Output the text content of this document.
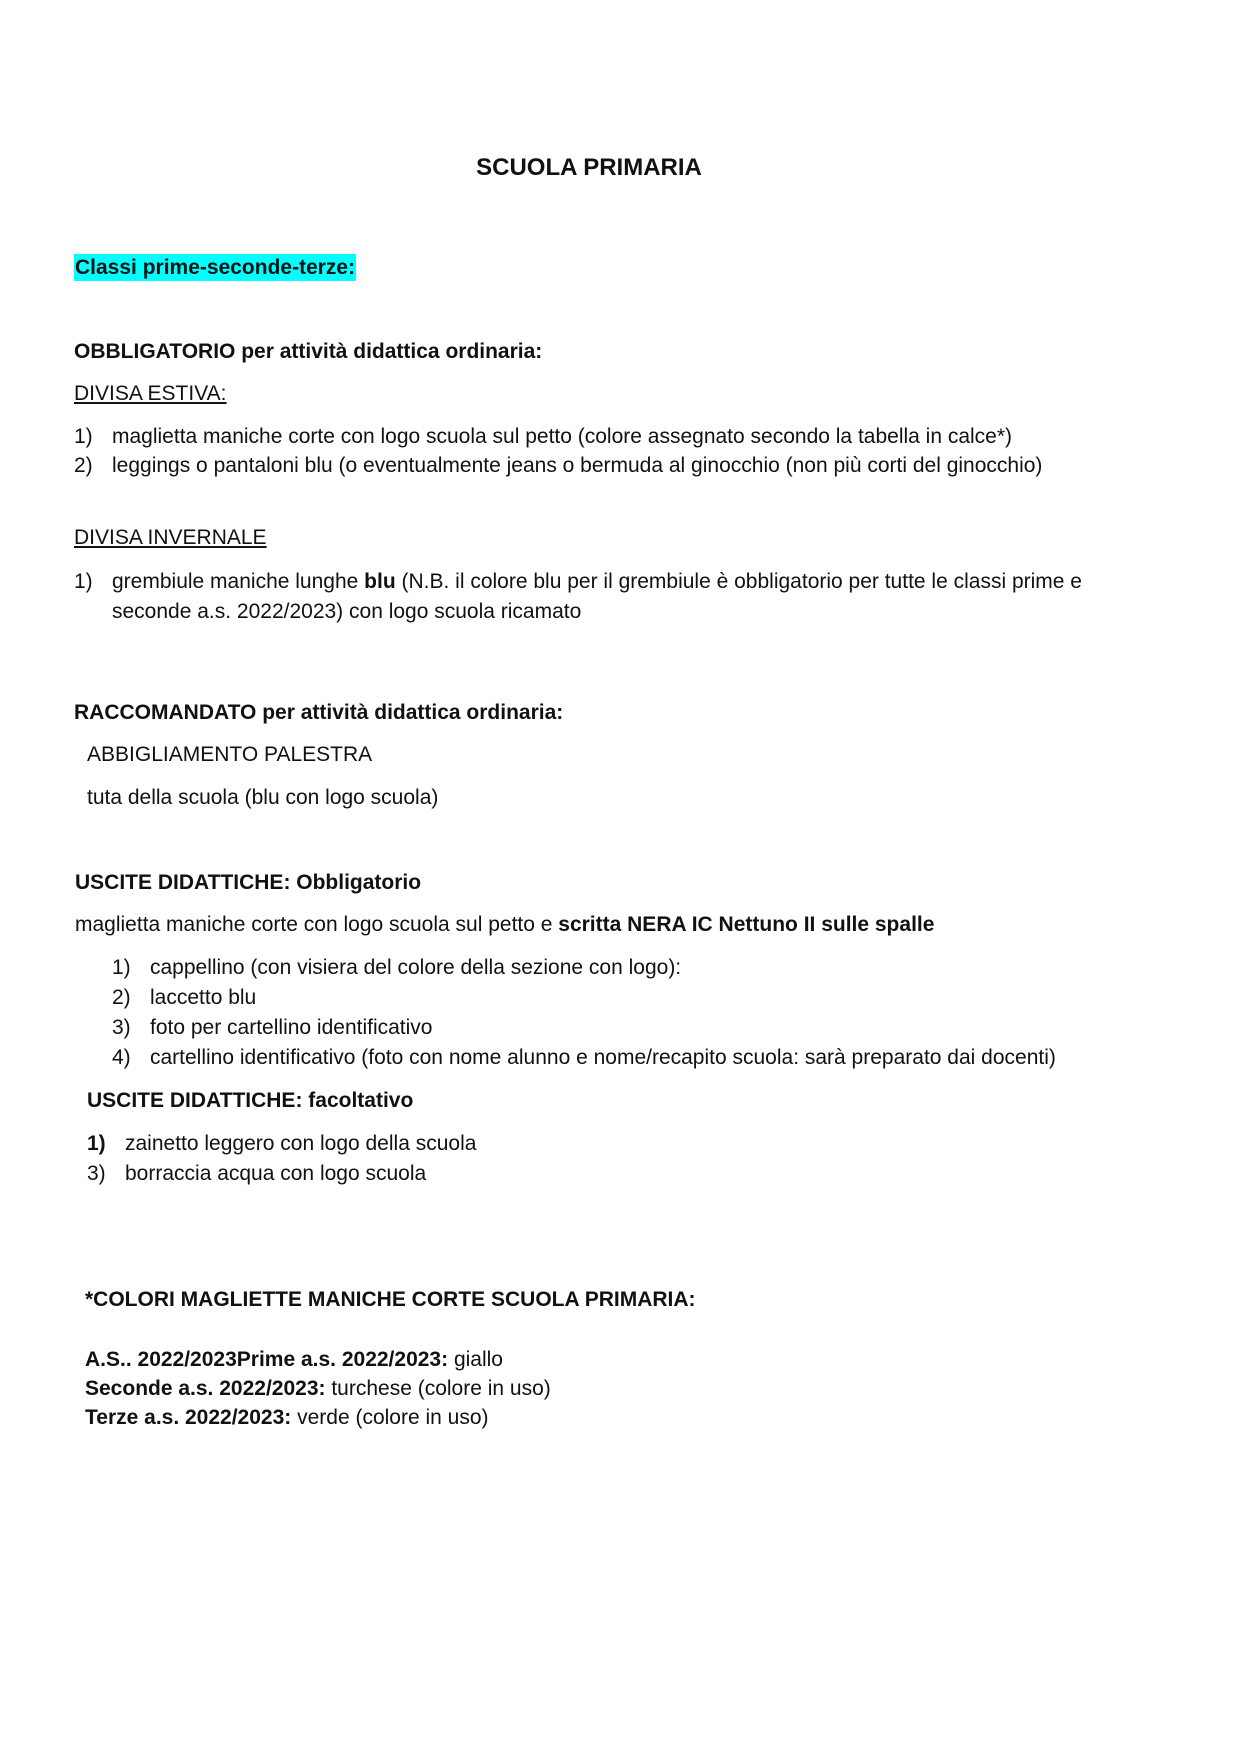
SCUOLA PRIMARIA
Classi prime-seconde-terze:
OBBLIGATORIO per attività didattica ordinaria:
DIVISA ESTIVA:
1) maglietta maniche corte con logo scuola sul petto (colore assegnato secondo la tabella in calce*)
2) leggings o pantaloni blu (o eventualmente jeans o bermuda al ginocchio (non più corti del ginocchio)
DIVISA INVERNALE
1) grembiule maniche lunghe blu (N.B. il colore blu per il grembiule è obbligatorio per tutte le classi prime e
seconde a.s. 2022/2023) con logo scuola ricamato
RACCOMANDATO per attività didattica ordinaria:
ABBIGLIAMENTO PALESTRA
tuta della scuola (blu con logo scuola)
USCITE DIDATTICHE: Obbligatorio
maglietta maniche corte con logo scuola sul petto e scritta NERA IC Nettuno II sulle spalle
1) cappellino (con visiera del colore della sezione con logo):
2) laccetto blu
3) foto per cartellino identificativo
4) cartellino identificativo (foto con nome alunno e nome/recapito scuola: sarà preparato dai docenti)
USCITE DIDATTICHE: facoltativo
1) zainetto leggero con logo della scuola
3) borraccia acqua con logo scuola
*COLORI MAGLIETTE MANICHE CORTE SCUOLA PRIMARIA:
A.S.. 2022/2023Prime a.s. 2022/2023: giallo
Seconde a.s. 2022/2023: turchese (colore in uso)
Terze a.s. 2022/2023: verde (colore in uso)
